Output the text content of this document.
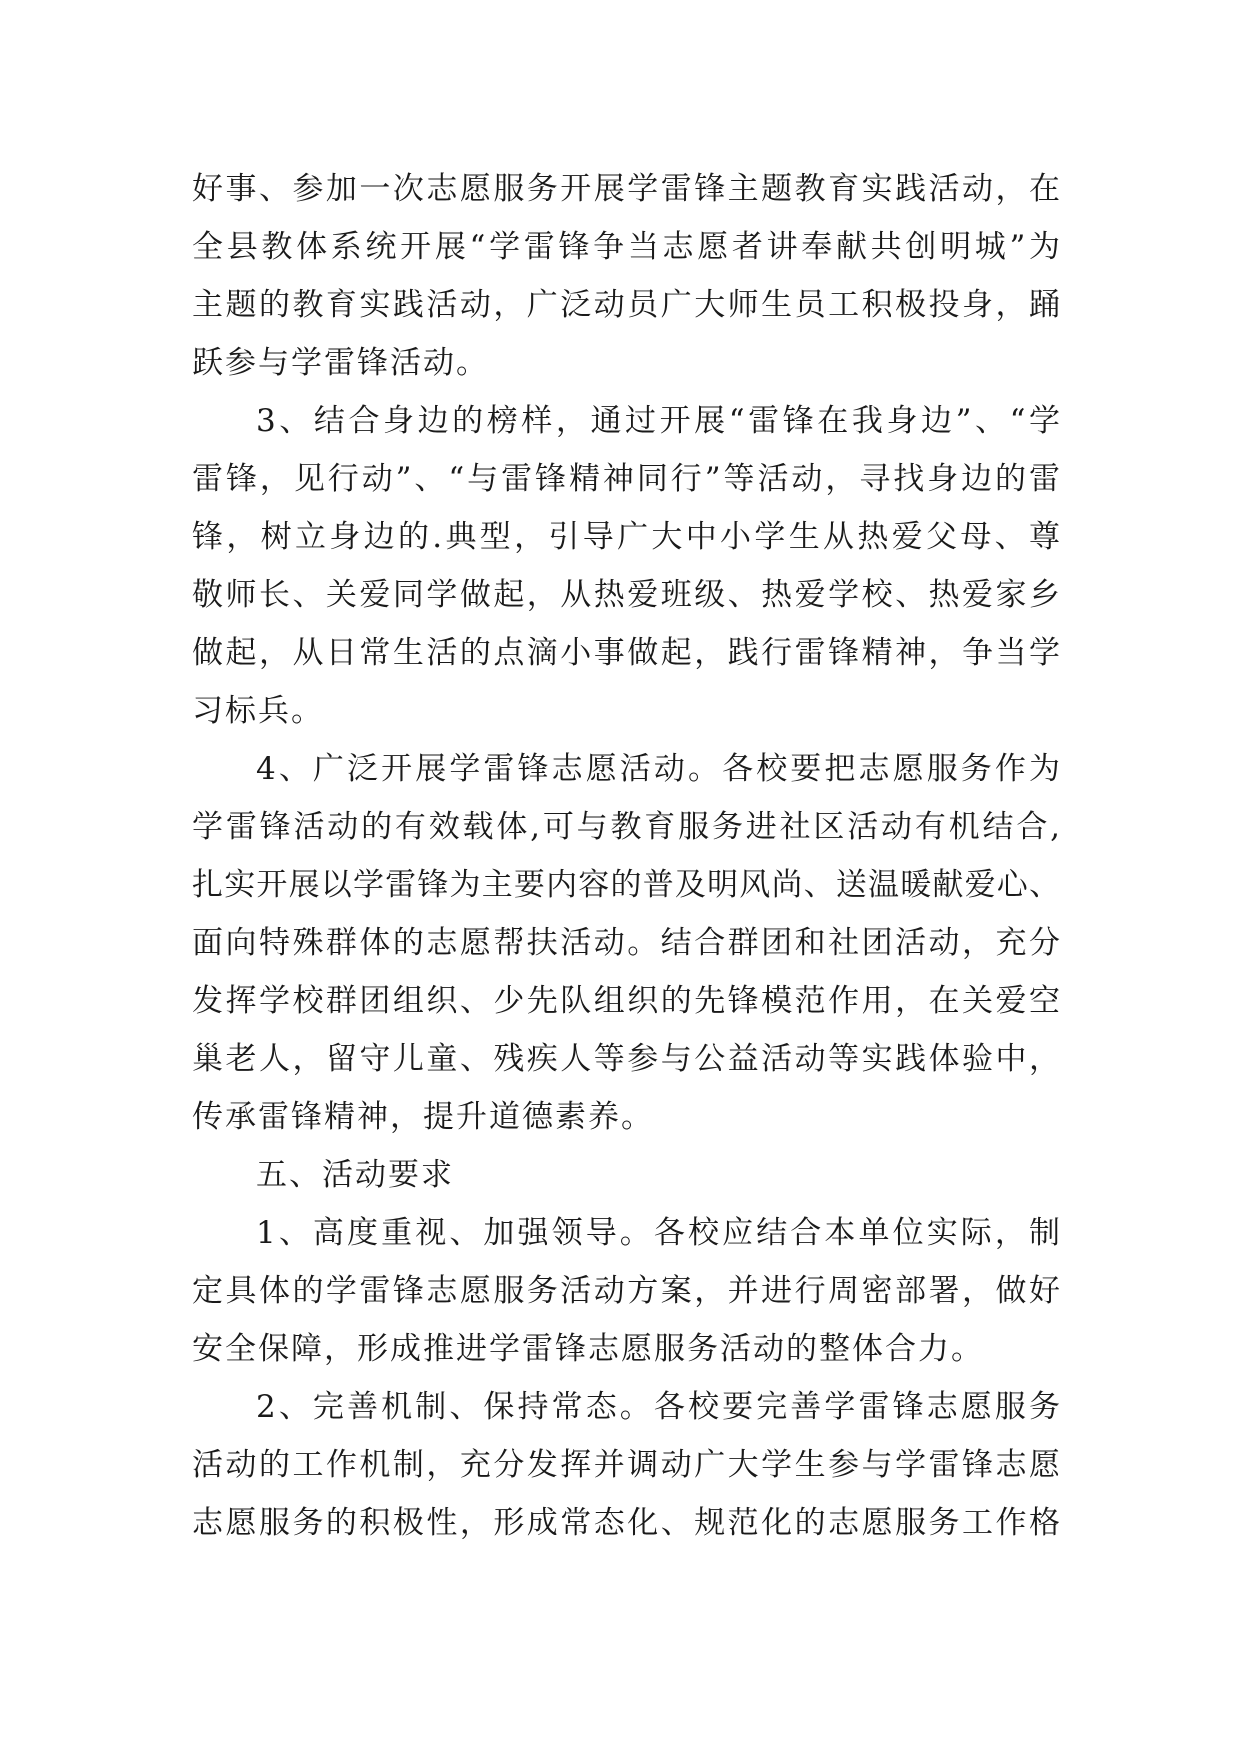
好事、参加一次志愿服务开展学雷锋主题教育实践活动，在
全县教体系统开展“学雷锋争当志愿者讲奉献共创明城”为
主题的教育实践活动，广泛动员广大师生员工积极投身，踊
跃参与学雷锋活动。
3、结合身边的榜样，通过开展“雷锋在我身边”、“学
雷锋，见行动”、“与雷锋精神同行”等活动，寻找身边的雷
锋，树立身边的.典型，引导广大中小学生从热爱父母、尊
敬师长、关爱同学做起，从热爱班级、热爱学校、热爱家乡
做起，从日常生活的点滴小事做起，践行雷锋精神，争当学
习标兵。
4、广泛开展学雷锋志愿活动。各校要把志愿服务作为
学雷锋活动的有效载体,可与教育服务进社区活动有机结合,
扎实开展以学雷锋为主要内容的普及明风尚、送温暖献爱心、
面向特殊群体的志愿帮扶活动。结合群团和社团活动，充分
发挥学校群团组织、少先队组织的先锋模范作用，在关爱空
巢老人，留守儿童、残疾人等参与公益活动等实践体验中，
传承雷锋精神，提升道德素养。
五、活动要求
1、高度重视、加强领导。各校应结合本单位实际，制
定具体的学雷锋志愿服务活动方案，并进行周密部署，做好
安全保障，形成推进学雷锋志愿服务活动的整体合力。
2、完善机制、保持常态。各校要完善学雷锋志愿服务
活动的工作机制，充分发挥并调动广大学生参与学雷锋志愿
志愿服务的积极性，形成常态化、规范化的志愿服务工作格
